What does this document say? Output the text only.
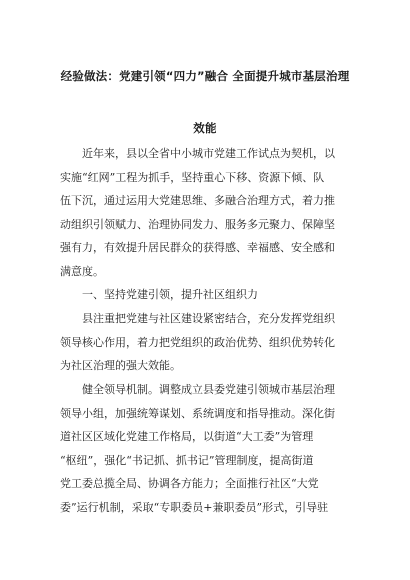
经验做法：党建引领“四力”融合 全面提升城市基层治理
效能
近年来，县以全省中小城市党建工作试点为契机，以
实施“红网”工程为抓手，坚持重心下移、资源下倾、队
伍下沉，通过运用大党建思维、多融合治理方式，着力推
动组织引领赋力、治理协同发力、服务多元聚力、保障坚
强有力，有效提升居民群众的获得感、幸福感、安全感和
满意度。
一、坚持党建引领，提升社区组织力
县注重把党建与社区建设紧密结合，充分发挥党组织
领导核心作用，着力把党组织的政治优势、组织优势转化
为社区治理的强大效能。
健全领导机制。调整成立县委党建引领城市基层治理
领导小组，加强统筹谋划、系统调度和指导推动。深化街
道社区区域化党建工作格局，以街道“大工委”为管理
“枢纽”，强化“书记抓、抓书记”管理制度，提高街道
党工委总揽全局、协调各方能力；全面推行社区“大党
委”运行机制，采取“专职委员+兼职委员”形式，引导驻
